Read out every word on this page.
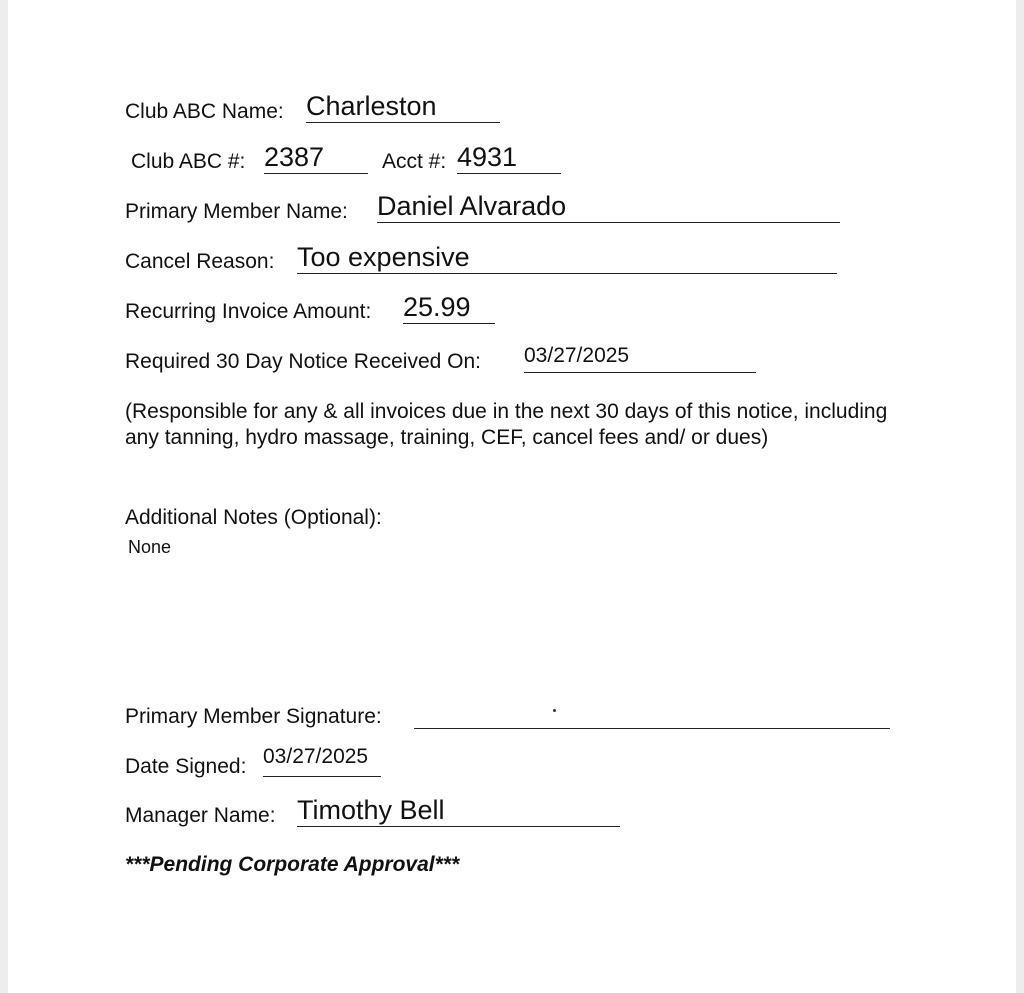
Club ABC Name: Charleston
Club ABC #: 2387	Acct #: 4931
Primary Member Name: Daniel Alvarado
Cancel Reason: Too expensive
Recurring Invoice Amount: 25.99
Required 30 Day Notice Received On: 03/27/2025
(Responsible for any & all invoices due in the next 30 days of this notice, including any tanning, hydro massage, training, CEF, cancel fees and/ or dues)
Additional Notes (Optional):
None
Primary Member Signature:
Date Signed: 03/27/2025
Manager Name: Timothy Bell
***Pending Corporate Approval***
